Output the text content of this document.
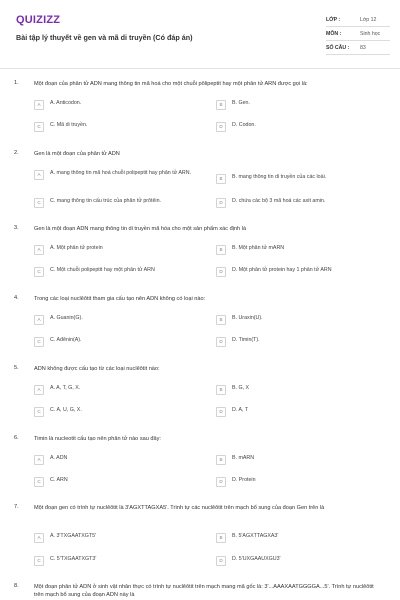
QUIZIZZ
Bài tập lý thuyết về gen và mã di truyền (Có đáp án)
LỚP :	Lớp 12
MÔN :	Sinh học
SỐ CÂU : 83
1.	Một đoạn của phân tử ADN mang thông tin mã hoá cho một chuỗi pôlipeptit hay một phân tử ARN được gọi là:
A	A. Anticodon.	B	B. Gen.
C	C. Mã di truyền.	D	D. Codon.
2.	Gen là một đoạn của phân tử ADN
A	A. mang thông tin mã hoá chuỗi polipeptit hay phân tử ARN.
B	B. mang thông tin di truyền của các loài.
C	C. mang thông tin cấu trúc của phân tử prôtêin.	D	D. chứa các bộ 3 mã hoá các axit amin.
3.	Gen là một đoạn ADN mang thông tin di truyền mã hóa cho một sản phẩm xác định là
A	A. Một phân tử protein	B	B. Một phân tử mARN
C	C. Một chuỗi polipeptit hay một phân tử ARN	D	D. Một phân tử protein hay 1 phân tử ARN
4.	Trong các loại nuclêôtit tham gia cấu tạo nên ADN không có loại nào:
A	A. Guanin(G).	B	B. Uraxin(U).
C	C. Ađênin(A).	D	D. Timin(T).
5.	ADN không được cấu tạo từ các loại nuclêôtit nào:
A	A. A, T, G, X.	B	B. G, X
C	C. A, U, G, X.	D	D. A, T
6.	Timin là nucleotit cấu tạo nên phân tử nào sau đây:
A	A. ADN	B	B. mARN
C	C. ARN	D	D. Protein
7.	Một đoạn gen có trình tự nuclêôtit là 3'AGXTTAGXA5'. Trình tự các nuclêôtit trên mạch bổ sung của đoạn Gen trên là
A	A. 3'TXGAATXGT5'	B	B. 5'AGXTTAGXA3'
C	C. 5'TXGAATXGT3'	D	D. 5'UXGAAUXGU3'
8.	Một đoạn phân tử ADN ở sinh vật nhân thực có trình tự nuclêôtit trên mạch mang mã gốc là: 3'...AAAXAATGGGGA...5'. Trình tự nuclêôtit trên mạch bổ sung của đoạn ADN này là
